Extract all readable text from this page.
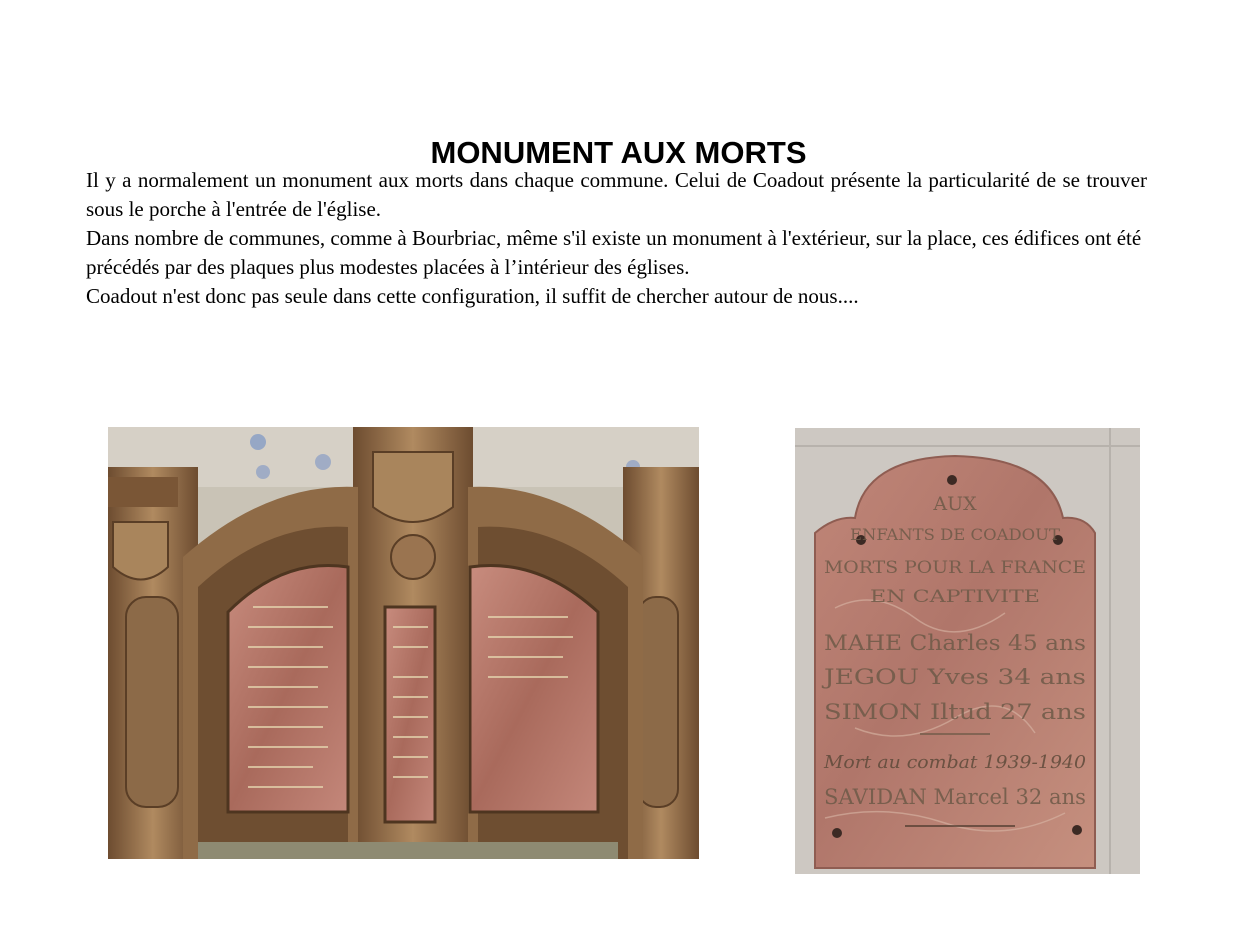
MONUMENT AUX MORTS

Il y a normalement un monument aux morts dans chaque commune. Celui de Coadout présente la particularité de se trouver sous le porche à l'entrée de l'église.

Dans nombre de communes, comme à Bourbriac, même s'il existe un monument à l'extérieur, sur la place, ces édifices ont été précédés par des plaques plus modestes placées à l’intérieur des églises.

Coadout n'est donc pas seule dans cette configuration, il suffit de chercher autour de nous....

AUX
ENFANTS DE COADOUT
MORTS POUR LA FRANCE
EN CAPTIVITE
MAHE Charles 45 ans
JEGOU Yves 34 ans
SIMON Iltud 27 ans
Mort au combat 1939-1940
SAVIDAN Marcel 32 ans
